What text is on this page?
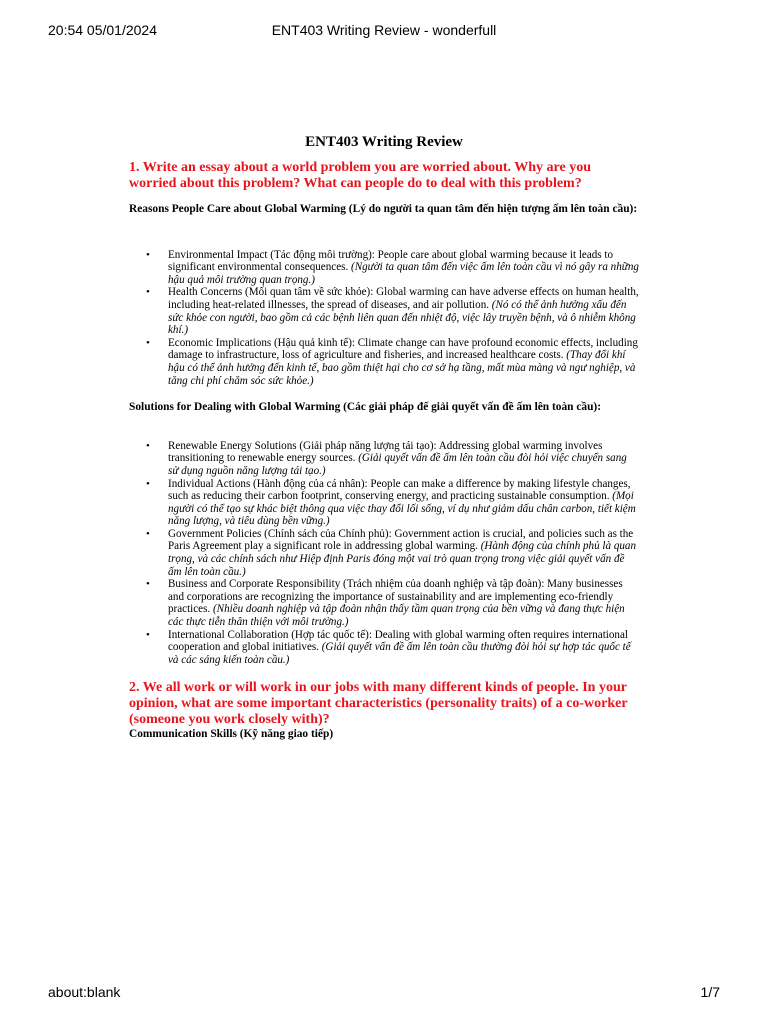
20:54 05/01/2024	ENT403 Writing Review - wonderfull
ENT403 Writing Review

1. Write an essay about a world problem you are worried about. Why are you worried about this problem? What can people do to deal with this problem?

Reasons People Care about Global Warming (Lý do người ta quan tâm đến hiện tượng ấm lên toàn cầu):

• Environmental Impact (Tác động môi trường): People care about global warming because it leads to significant environmental consequences. (Người ta quan tâm đến việc ấm lên toàn cầu vì nó gây ra những hậu quả môi trường quan trọng.)
• Health Concerns (Mối quan tâm về sức khỏe): Global warming can have adverse effects on human health, including heat-related illnesses, the spread of diseases, and air pollution. (Nó có thể ảnh hưởng xấu đến sức khỏe con người, bao gồm cả các bệnh liên quan đến nhiệt độ, việc lây truyền bệnh, và ô nhiễm không khí.)
• Economic Implications (Hậu quả kinh tế): Climate change can have profound economic effects, including damage to infrastructure, loss of agriculture and fisheries, and increased healthcare costs. (Thay đổi khí hậu có thể ảnh hưởng đến kinh tế, bao gồm thiệt hại cho cơ sở hạ tầng, mất mùa màng và ngư nghiệp, và tăng chi phí chăm sóc sức khỏe.)

Solutions for Dealing with Global Warming (Các giải pháp để giải quyết vấn đề ấm lên toàn cầu):

• Renewable Energy Solutions (Giải pháp năng lượng tái tạo): Addressing global warming involves transitioning to renewable energy sources. (Giải quyết vấn đề ấm lên toàn cầu đòi hỏi việc chuyển sang sử dụng nguồn năng lượng tái tạo.)
• Individual Actions (Hành động của cá nhân): People can make a difference by making lifestyle changes, such as reducing their carbon footprint, conserving energy, and practicing sustainable consumption. (Mọi người có thể tạo sự khác biệt thông qua việc thay đổi lối sống, ví dụ như giảm dấu chân carbon, tiết kiệm năng lượng, và tiêu dùng bền vững.)
• Government Policies (Chính sách của Chính phủ): Government action is crucial, and policies such as the Paris Agreement play a significant role in addressing global warming. (Hành động của chính phủ là quan trọng, và các chính sách như Hiệp định Paris đóng một vai trò quan trọng trong việc giải quyết vấn đề ấm lên toàn cầu.)
• Business and Corporate Responsibility (Trách nhiệm của doanh nghiệp và tập đoàn): Many businesses and corporations are recognizing the importance of sustainability and are implementing eco-friendly practices. (Nhiều doanh nghiệp và tập đoàn nhận thấy tầm quan trọng của bền vững và đang thực hiện các thực tiễn thân thiện với môi trường.)
• International Collaboration (Hợp tác quốc tế): Dealing with global warming often requires international cooperation and global initiatives. (Giải quyết vấn đề ấm lên toàn cầu thường đòi hỏi sự hợp tác quốc tế và các sáng kiến toàn cầu.)

2. We all work or will work in our jobs with many different kinds of people. In your opinion, what are some important characteristics (personality traits) of a co-worker (someone you work closely with)?

Communication Skills (Kỹ năng giao tiếp)

about:blank	1/7
